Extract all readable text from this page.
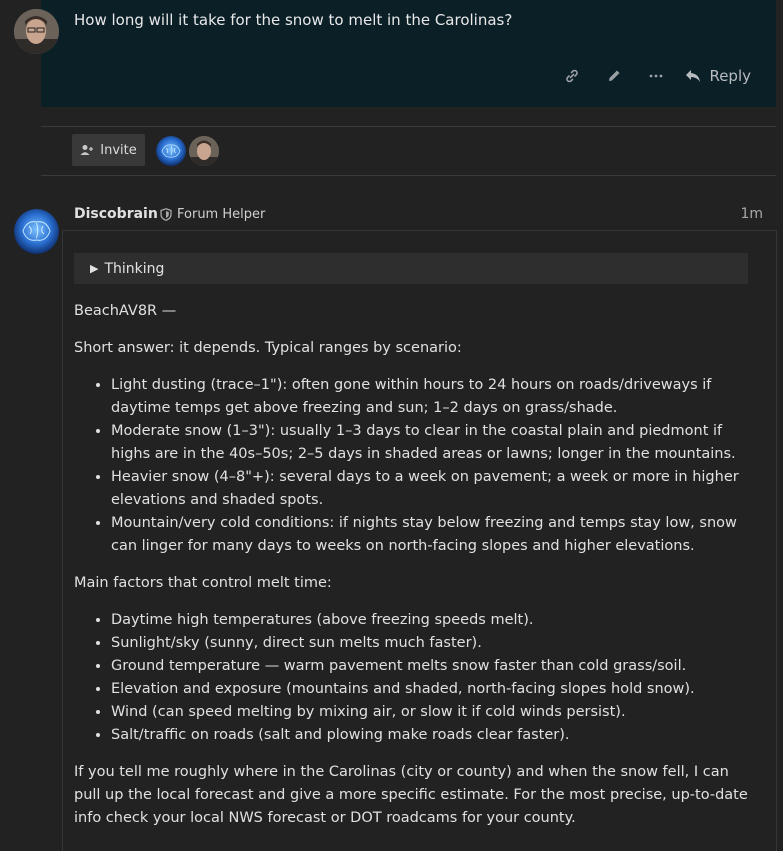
How long will it take for the snow to melt in the Carolinas?
Reply
Invite
Discobrain Forum Helper	1m
▶ Thinking

BeachAV8R —

Short answer: it depends. Typical ranges by scenario:

• Light dusting (trace–1"): often gone within hours to 24 hours on roads/driveways if daytime temps get above freezing and sun; 1–2 days on grass/shade.
• Moderate snow (1–3"): usually 1–3 days to clear in the coastal plain and piedmont if highs are in the 40s–50s; 2–5 days in shaded areas or lawns; longer in the mountains.
• Heavier snow (4–8"+): several days to a week on pavement; a week or more in higher elevations and shaded spots.
• Mountain/very cold conditions: if nights stay below freezing and temps stay low, snow can linger for many days to weeks on north-facing slopes and higher elevations.

Main factors that control melt time:

• Daytime high temperatures (above freezing speeds melt).
• Sunlight/sky (sunny, direct sun melts much faster).
• Ground temperature — warm pavement melts snow faster than cold grass/soil.
• Elevation and exposure (mountains and shaded, north-facing slopes hold snow).
• Wind (can speed melting by mixing air, or slow it if cold winds persist).
• Salt/traffic on roads (salt and plowing make roads clear faster).

If you tell me roughly where in the Carolinas (city or county) and when the snow fell, I can pull up the local forecast and give a more specific estimate. For the most precise, up-to-date info check your local NWS forecast or DOT roadcams for your county.
